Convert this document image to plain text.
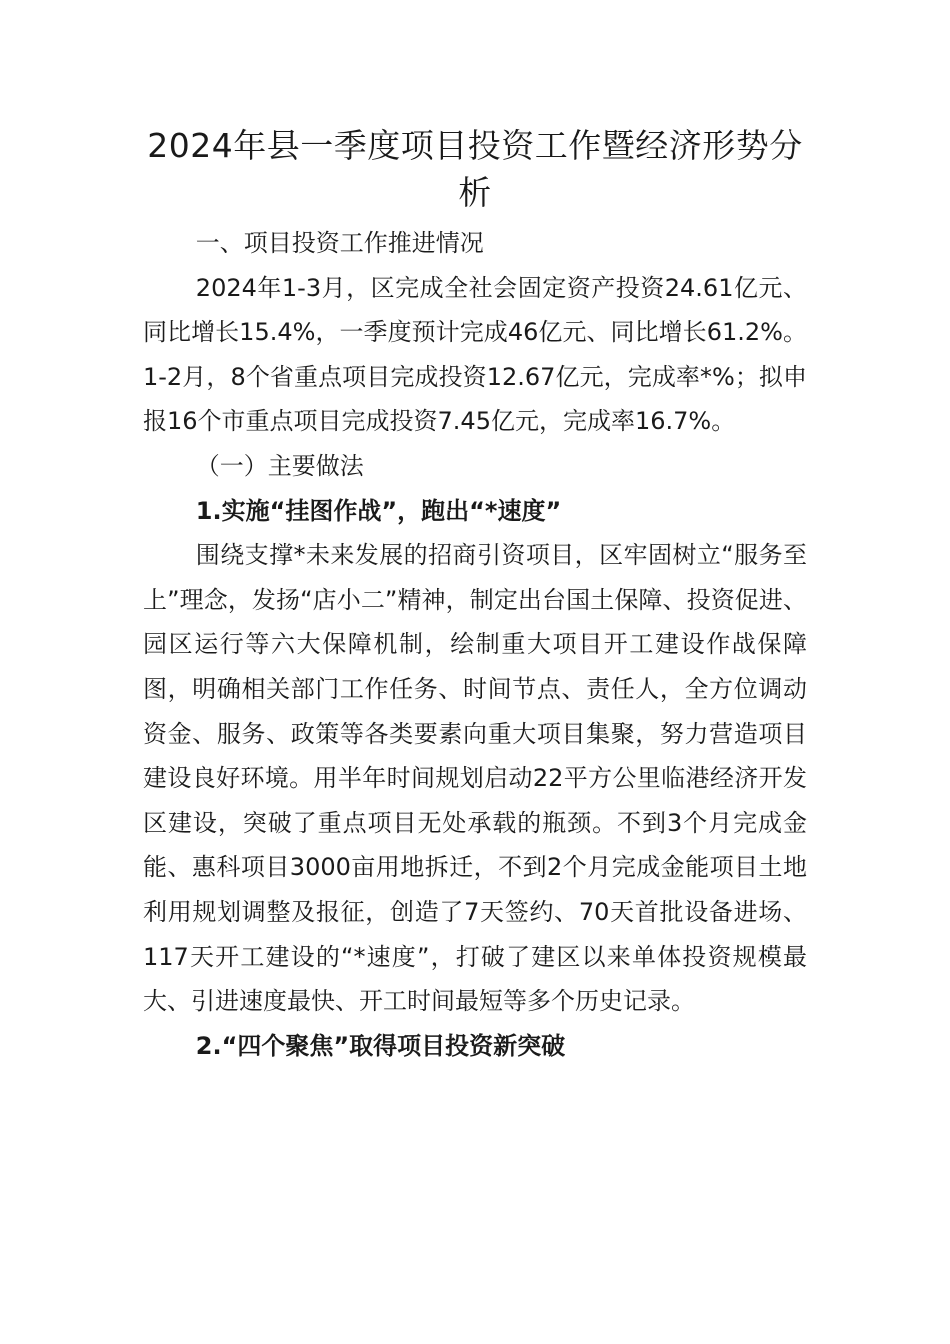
2024年县一季度项目投资工作暨经济形势分析

一、项目投资工作推进情况

2024年1-3月，区完成全社会固定资产投资24.61亿元、同比增长15.4%，一季度预计完成46亿元、同比增长61.2%。1-2月，8个省重点项目完成投资12.67亿元，完成率*%；拟申报16个市重点项目完成投资7.45亿元，完成率16.7%。

（一）主要做法

1.实施“挂图作战”，跑出“*速度”

围绕支撑*未来发展的招商引资项目，区牢固树立“服务至上”理念，发扬“店小二”精神，制定出台国土保障、投资促进、园区运行等六大保障机制，绘制重大项目开工建设作战保障图，明确相关部门工作任务、时间节点、责任人，全方位调动资金、服务、政策等各类要素向重大项目集聚，努力营造项目建设良好环境。用半年时间规划启动22平方公里临港经济开发区建设，突破了重点项目无处承载的瓶颈。不到3个月完成金能、惠科项目3000亩用地拆迁，不到2个月完成金能项目土地利用规划调整及报征，创造了7天签约、70天首批设备进场、117天开工建设的“*速度”，打破了建区以来单体投资规模最大、引进速度最快、开工时间最短等多个历史记录。

2.“四个聚焦”取得项目投资新突破
